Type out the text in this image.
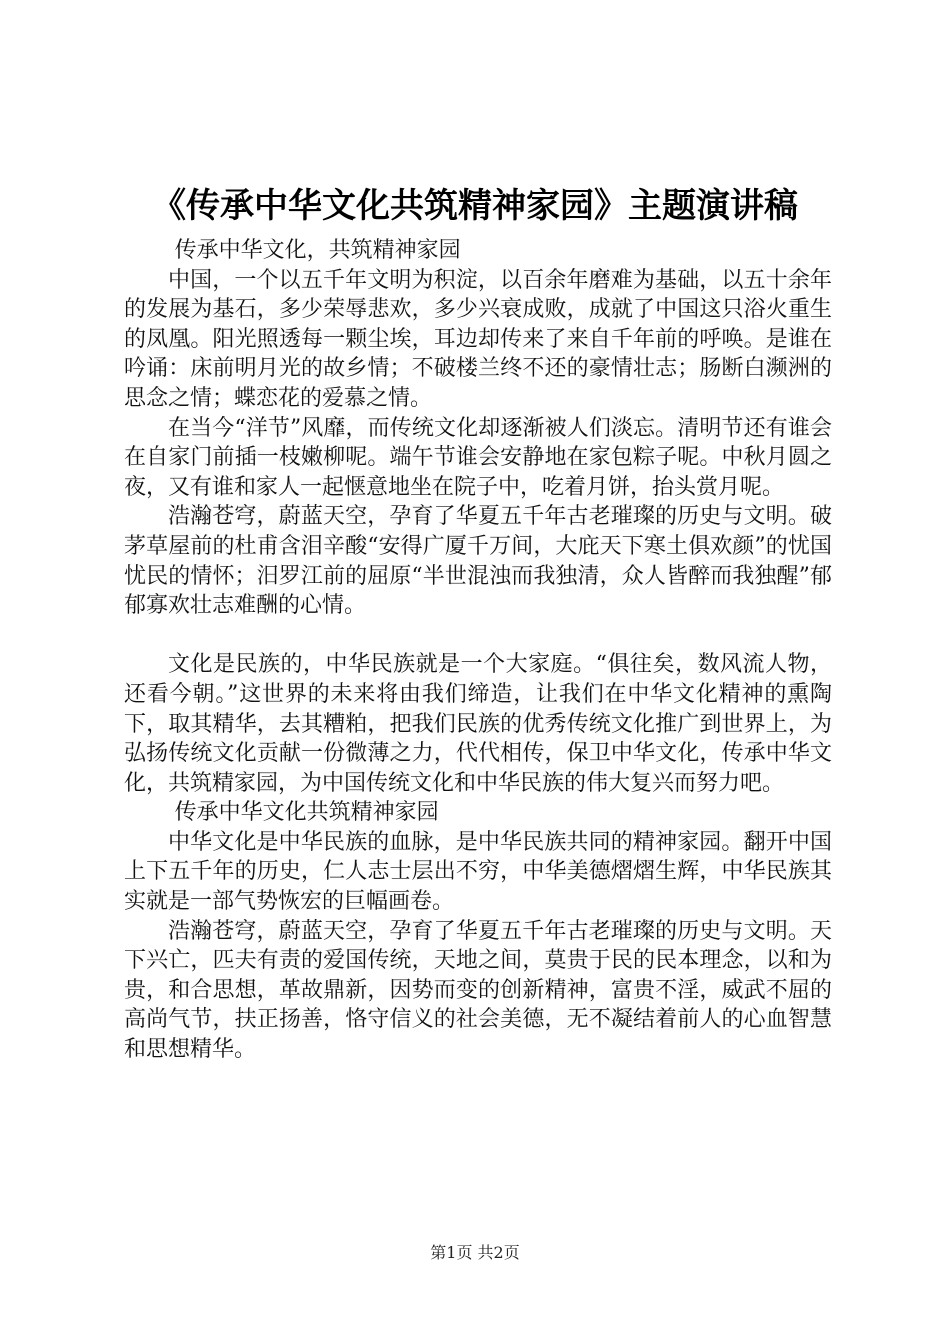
《传承中华文化共筑精神家园》主题演讲稿

传承中华文化，共筑精神家园

中国，一个以五千年文明为积淀，以百余年磨难为基础，以五十余年的发展为基石，多少荣辱悲欢，多少兴衰成败，成就了中国这只浴火重生的凤凰。阳光照透每一颗尘埃，耳边却传来了来自千年前的呼唤。是谁在吟诵：床前明月光的故乡情；不破楼兰终不还的豪情壮志；肠断白濒洲的思念之情；蝶恋花的爱慕之情。

在当今“洋节”风靡，而传统文化却逐渐被人们淡忘。清明节还有谁会在自家门前插一枝嫩柳呢。端午节谁会安静地在家包粽子呢。中秋月圆之夜，又有谁和家人一起惬意地坐在院子中，吃着月饼，抬头赏月呢。

浩瀚苍穹，蔚蓝天空，孕育了华夏五千年古老璀璨的历史与文明。破茅草屋前的杜甫含泪辛酸“安得广厦千万间，大庇天下寒土俱欢颜”的忧国忧民的情怀；汨罗江前的屈原“半世混浊而我独清，众人皆醉而我独醒”郁郁寡欢壮志难酬的心情。

文化是民族的，中华民族就是一个大家庭。“俱往矣，数风流人物，还看今朝。”这世界的未来将由我们缔造，让我们在中华文化精神的熏陶下，取其精华，去其糟粕，把我们民族的优秀传统文化推广到世界上，为弘扬传统文化贡献一份微薄之力，代代相传，保卫中华文化，传承中华文化，共筑精家园，为中国传统文化和中华民族的伟大复兴而努力吧。

传承中华文化共筑精神家园

中华文化是中华民族的血脉，是中华民族共同的精神家园。翻开中国上下五千年的历史，仁人志士层出不穷，中华美德熠熠生辉，中华民族其实就是一部气势恢宏的巨幅画卷。

浩瀚苍穹，蔚蓝天空，孕育了华夏五千年古老璀璨的历史与文明。天下兴亡，匹夫有责的爱国传统，天地之间，莫贵于民的民本理念，以和为贵，和合思想，革故鼎新，因势而变的创新精神，富贵不淫，威武不屈的高尚气节，扶正扬善，恪守信义的社会美德，无不凝结着前人的心血智慧和思想精华。

第1页 共2页
